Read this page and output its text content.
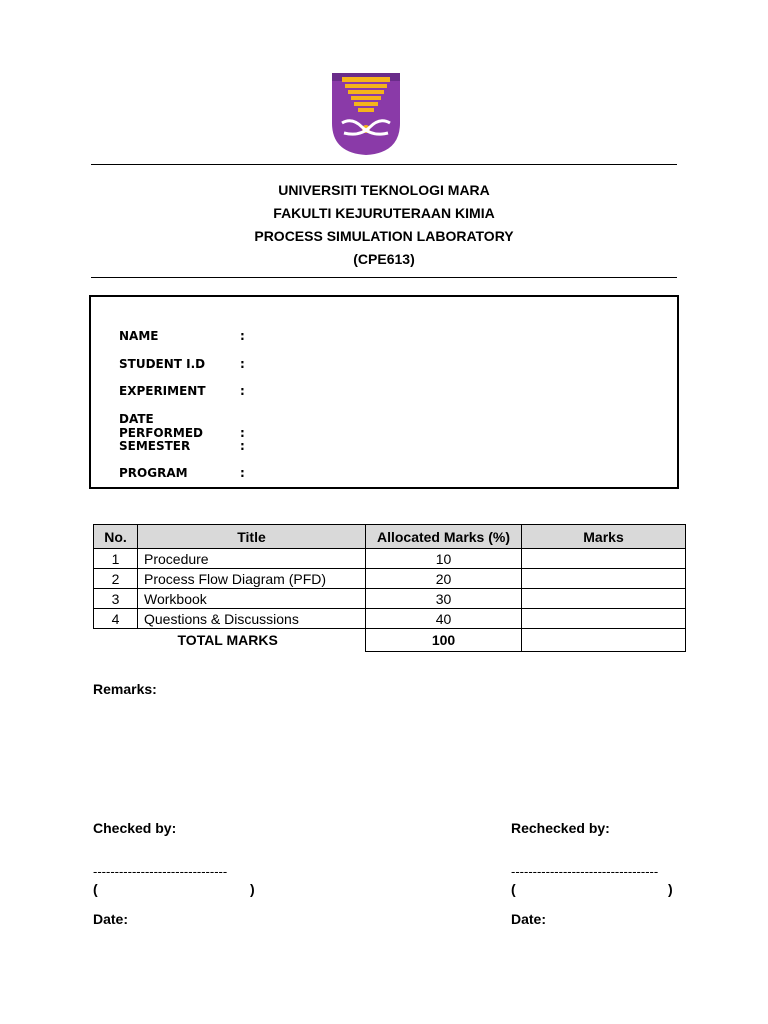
UNIVERSITI TEKNOLOGI MARA
FAKULTI KEJURUTERAAN KIMIA
PROCESS SIMULATION LABORATORY
(CPE613)
NAME	:
STUDENT I.D	:
EXPERIMENT	:
DATE PERFORMED	:
SEMESTER	:
PROGRAM	:
No.	Title	Allocated Marks (%)	Marks
1	Procedure	10	
2	Process Flow Diagram (PFD)	20	
3	Workbook	30	
4	Questions & Discussions	40	
	TOTAL MARKS	100	
Remarks:
Checked by:
-------------------------------
(	)
Date:
Rechecked by:
----------------------------------
(	)
Date:
